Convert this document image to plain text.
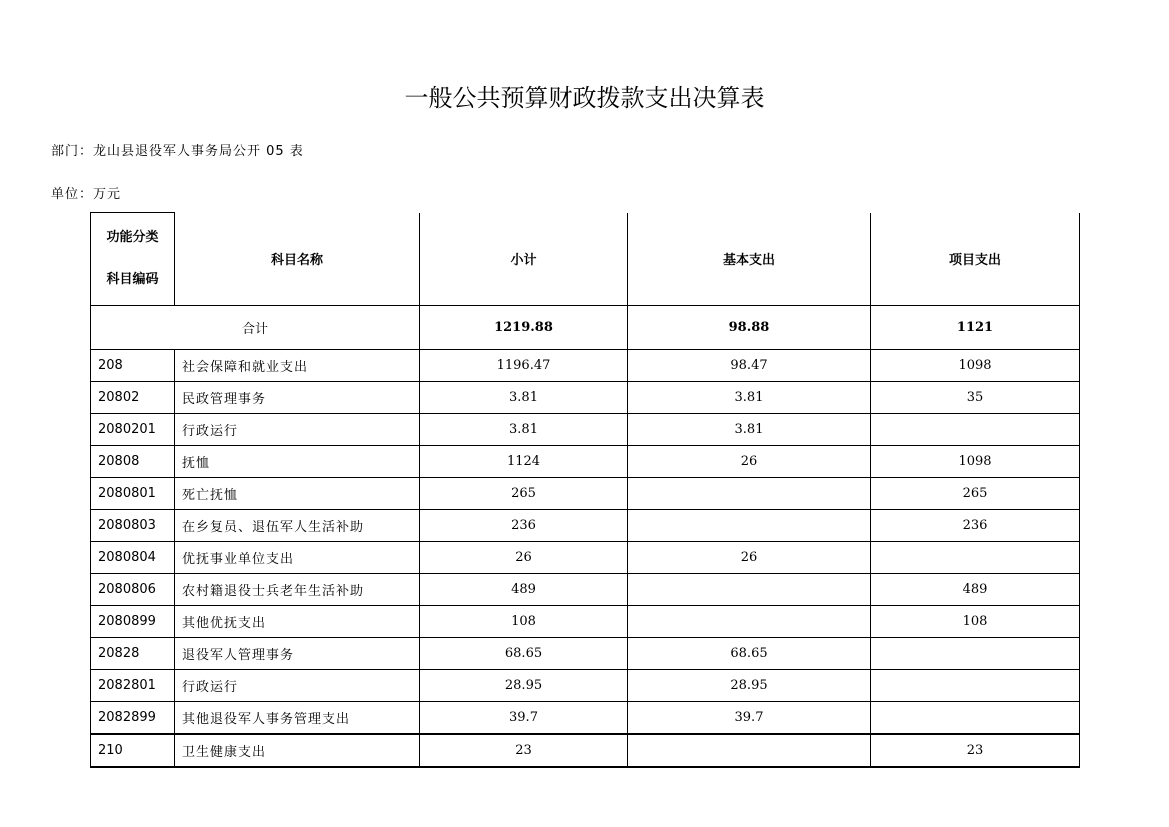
一般公共预算财政拨款支出决算表
部门：龙山县退役军人事务局公开 05 表
单位：万元
功能分类
科目编码	科目名称	小计	基本支出	项目支出
合计		1219.88	98.88	1121
208	社会保障和就业支出	1196.47	98.47	1098
20802	民政管理事务	3.81	3.81	35
2080201	行政运行	3.81	3.81	
20808	抚恤	1124	26	1098
2080801	死亡抚恤	265		265
2080803	在乡复员、退伍军人生活补助	236		236
2080804	优抚事业单位支出	26	26	
2080806	农村籍退役士兵老年生活补助	489		489
2080899	其他优抚支出	108		108
20828	退役军人管理事务	68.65	68.65	
2082801	行政运行	28.95	28.95	
2082899	其他退役军人事务管理支出	39.7	39.7	
210	卫生健康支出	23		23
